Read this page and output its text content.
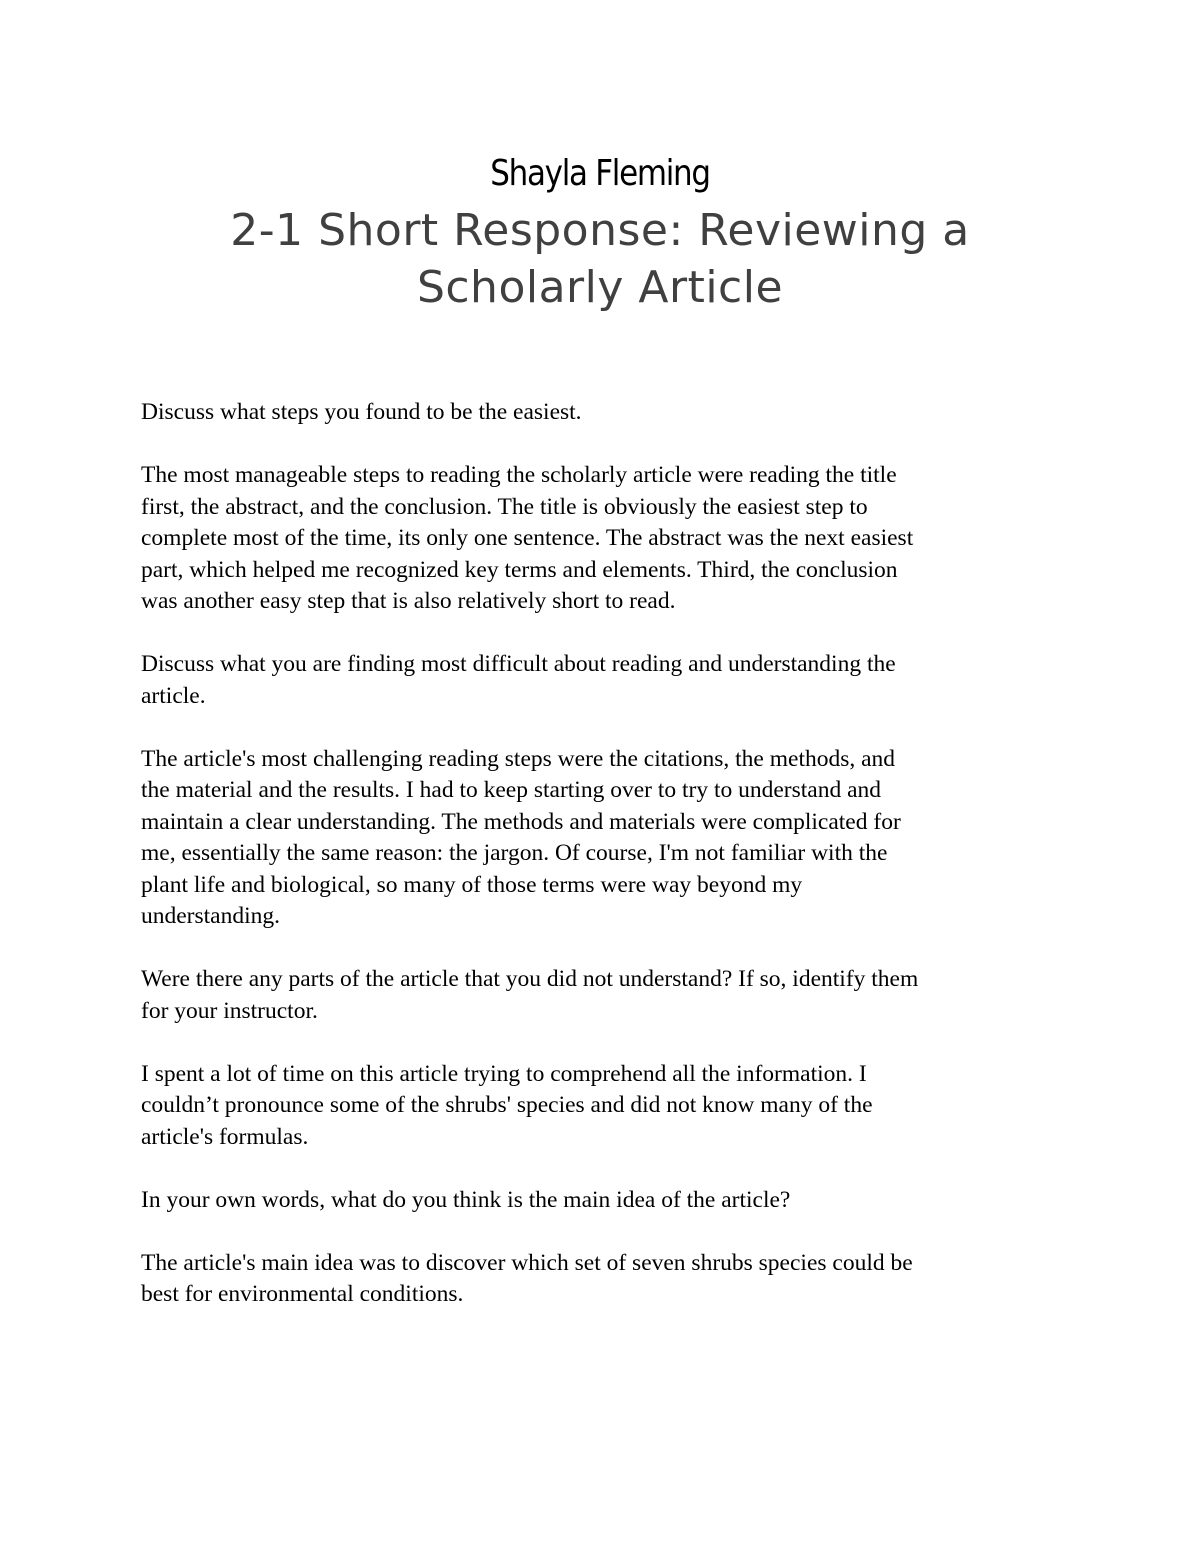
Shayla Fleming
2-1 Short Response: Reviewing a
Scholarly Article
Discuss what steps you found to be the easiest.
The most manageable steps to reading the scholarly article were reading the title
first, the abstract, and the conclusion. The title is obviously the easiest step to
complete most of the time, its only one sentence. The abstract was the next easiest
part, which helped me recognized key terms and elements. Third, the conclusion
was another easy step that is also relatively short to read.
Discuss what you are finding most difficult about reading and understanding the
article.
The article's most challenging reading steps were the citations, the methods, and
the material and the results. I had to keep starting over to try to understand and
maintain a clear understanding. The methods and materials were complicated for
me, essentially the same reason: the jargon. Of course, I'm not familiar with the
plant life and biological, so many of those terms were way beyond my
understanding.
Were there any parts of the article that you did not understand? If so, identify them
for your instructor.
I spent a lot of time on this article trying to comprehend all the information. I
couldn’t pronounce some of the shrubs' species and did not know many of the
article's formulas.
In your own words, what do you think is the main idea of the article?
The article's main idea was to discover which set of seven shrubs species could be
best for environmental conditions.
